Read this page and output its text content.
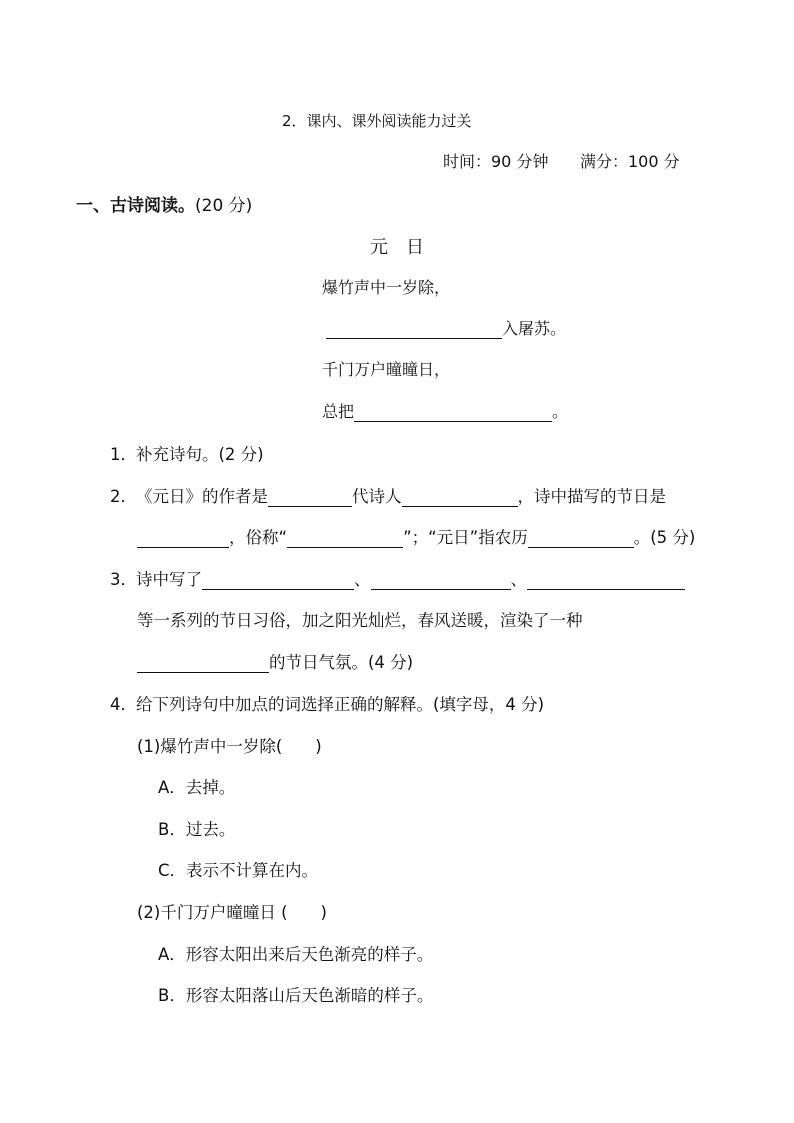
2．课内、课外阅读能力过关
时间：90 分钟 满分：100 分
一、古诗阅读。(20 分)
元日
爆竹声中一岁除，
入屠苏。
千门万户曈曈日，
总把	。
1．补充诗句。(2 分)
2．《元日》的作者是	代诗人	，诗中描写的节日是
，俗称“	”；“元日”指农历	。(5 分)
3．诗中写了	、	、
等一系列的节日习俗，加之阳光灿烂，春风送暖，渲染了一种
的节日气氛。(4 分)
4．给下列诗句中加点的词选择正确的解释。(填字母，4 分)
(1)爆竹声中一岁除(　　)
A．去掉。
B．过去。
C．表示不计算在内。
(2)千门万户曈曈日 (　　)
A．形容太阳出来后天色渐亮的样子。
B．形容太阳落山后天色渐暗的样子。
